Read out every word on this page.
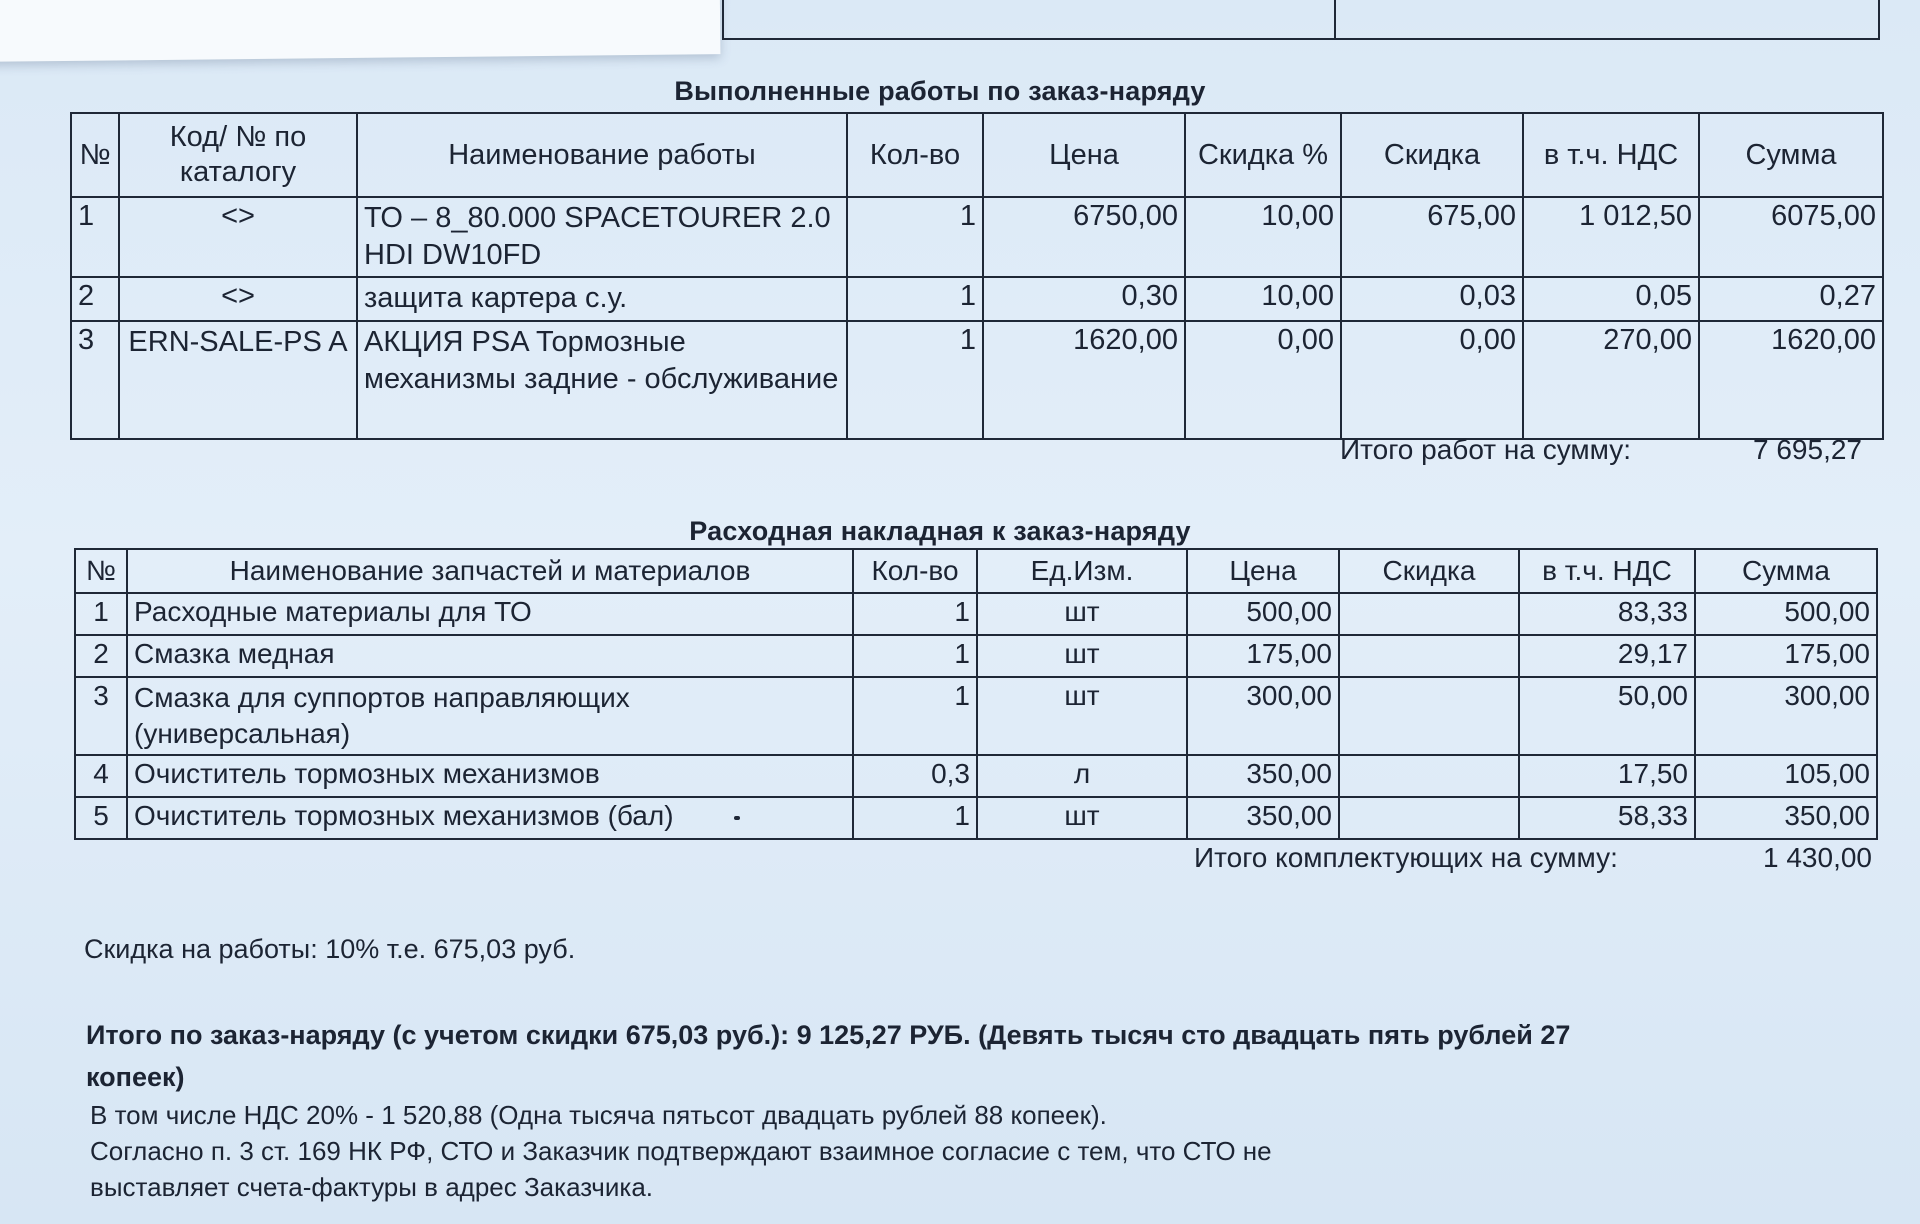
Выполненные работы по заказ-наряду
№	Код/ № по каталогу	Наименование работы	Кол-во	Цена	Скидка %	Скидка	в т.ч. НДС	Сумма
1	<>	ТО – 8_80.000 SPACETOURER 2.0 HDI DW10FD	1	6750,00	10,00	675,00	1 012,50	6075,00
2	<>	защита картера с.у.	1	0,30	10,00	0,03	0,05	0,27
3	ERN-SALE-PS A	АКЦИЯ PSA Тормозные механизмы задние - обслуживание	1	1620,00	0,00	0,00	270,00	1620,00
Итого работ на сумму:	7 695,27
Расходная накладная к заказ-наряду
№	Наименование запчастей и материалов	Кол-во	Ед.Изм.	Цена	Скидка	в т.ч. НДС	Сумма
1	Расходные материалы для ТО	1	шт	500,00		83,33	500,00
2	Смазка медная	1	шт	175,00		29,17	175,00
3	Смазка для суппортов направляющих (универсальная)	1	шт	300,00		50,00	300,00
4	Очиститель тормозных механизмов	0,3	л	350,00		17,50	105,00
5	Очиститель тормозных механизмов (бал)	1	шт	350,00		58,33	350,00
Итого комплектующих на сумму:	1 430,00
Скидка на работы: 10% т.е. 675,03 руб.
Итого по заказ-наряду (с учетом скидки 675,03 руб.): 9 125,27 РУБ. (Девять тысяч сто двадцать пять рублей 27
копеек)
В том числе НДС 20% - 1 520,88 (Одна тысяча пятьсот двадцать рублей 88 копеек).
Согласно п. 3 ст. 169 НК РФ, СТО и Заказчик подтверждают взаимное согласие с тем, что СТО не
выставляет счета-фактуры в адрес Заказчика.
